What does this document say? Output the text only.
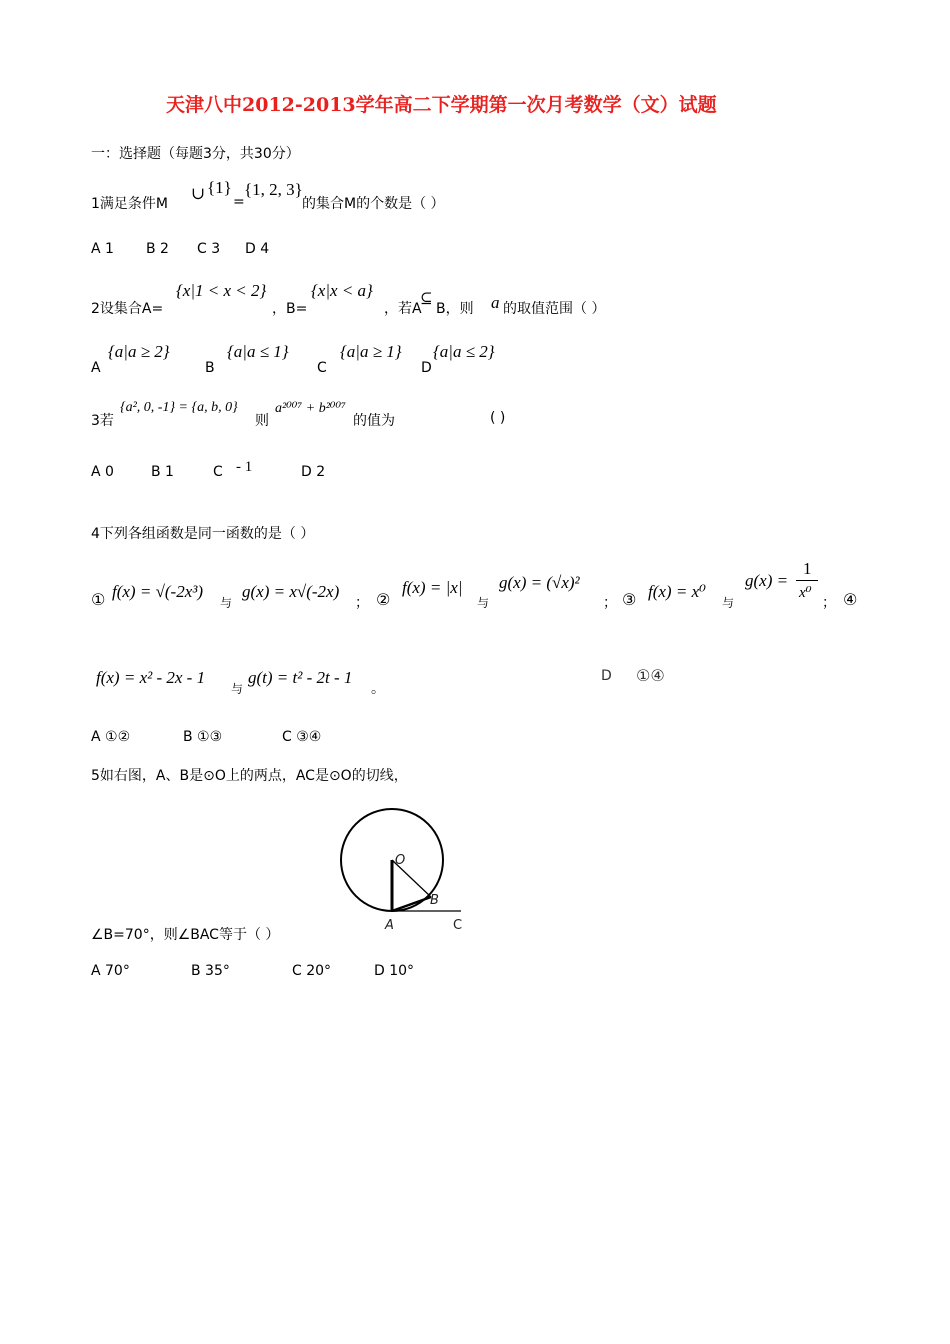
天津八中2012-2013学年高二下学期第一次月考数学（文）试题
一：选择题（每题3分，共30分）
1满足条件M
∪ {1}
=
{1, 2, 3}
的集合M的个数是（ ）
A 1 B 2 C 3 D 4
2设集合A=
{x|1 < x < 2}
，B=
{x|x < a}
，若A
⊆
B，则 a 的取值范围（ ）
A
{a|a ≥ 2}
B
{a|a ≤ 1}
C
{a|a ≥ 1}
D
{a|a ≤ 2}
3若
{a², 0, -1} = {a, b, 0}
则
a²⁰⁰⁷ + b²⁰⁰⁷
的值为	( )
A 0	B 1	C - 1	D 2
4下列各组函数是同一函数的是（ ）
① f(x) = √(-2x³)
与
g(x) = x√(-2x)
； ②
f(x) = |x|
与
g(x) = (√x)²
； ③ f(x) = x⁰
与
g(x) =
1
x⁰
； ④
f(x) = x² - 2x - 1
与
g(t) = t² - 2t - 1
。
D ①④
A ①②	B ①③	C ③④
5如右图，A、B是⊙O上的两点，AC是⊙O的切线，
O
A
B
C
∠B=70°，则∠BAC等于（ ）
A 70°	B 35°	C 20°	D 10°
